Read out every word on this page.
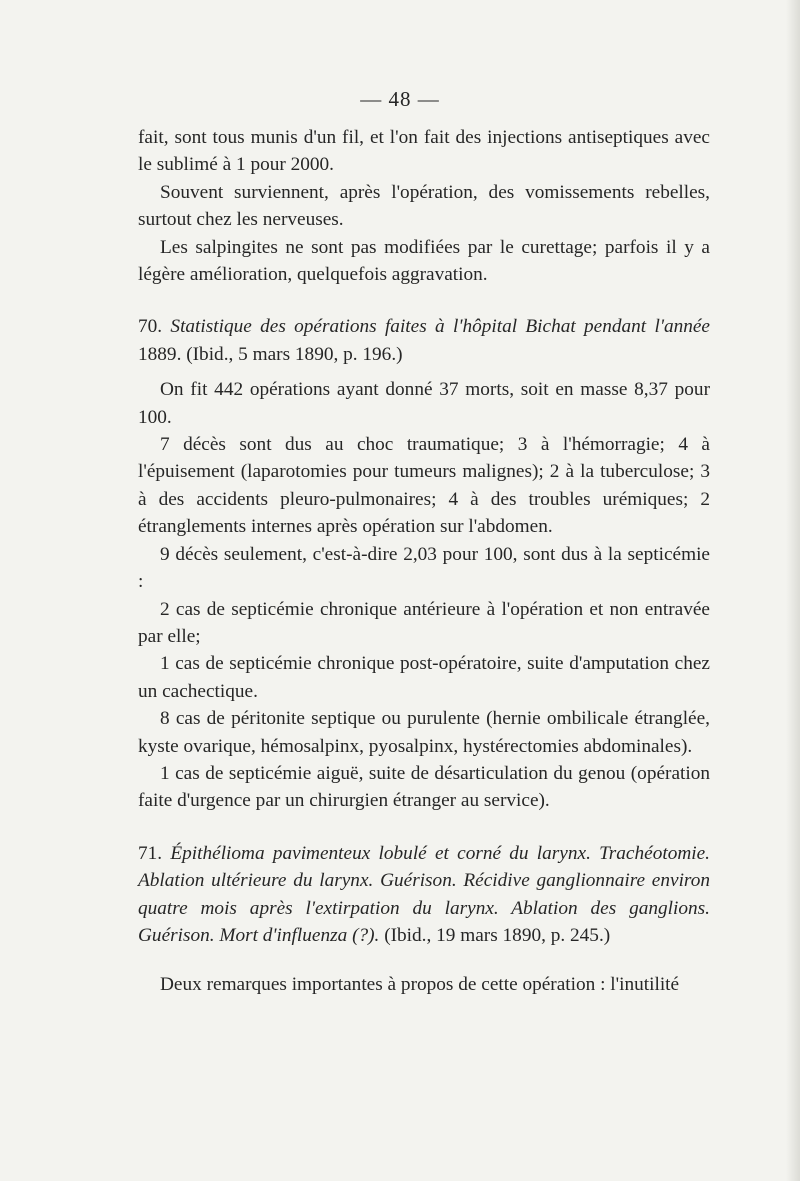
— 48 —

fait, sont tous munis d'un fil, et l'on fait des injections antiseptiques avec le sublimé à 1 pour 2000.

Souvent surviennent, après l'opération, des vomissements rebelles, surtout chez les nerveuses.

Les salpingites ne sont pas modifiées par le curettage; parfois il y a légère amélioration, quelquefois aggravation.

70. Statistique des opérations faites à l'hôpital Bichat pendant l'année 1889. (Ibid., 5 mars 1890, p. 196.)

On fit 442 opérations ayant donné 37 morts, soit en masse 8,37 pour 100.

7 décès sont dus au choc traumatique; 3 à l'hémorragie; 4 à l'épuisement (laparotomies pour tumeurs malignes); 2 à la tuberculose; 3 à des accidents pleuro-pulmonaires; 4 à des troubles urémiques; 2 étranglements internes après opération sur l'abdomen.

9 décès seulement, c'est-à-dire 2,03 pour 100, sont dus à la septicémie :

2 cas de septicémie chronique antérieure à l'opération et non entravée par elle;

1 cas de septicémie chronique post-opératoire, suite d'amputation chez un cachectique.

8 cas de péritonite septique ou purulente (hernie ombilicale étranglée, kyste ovarique, hémosalpinx, pyosalpinx, hystérectomies abdominales).

1 cas de septicémie aiguë, suite de désarticulation du genou (opération faite d'urgence par un chirurgien étranger au service).

71. Épithélioma pavimenteux lobulé et corné du larynx. Trachéotomie. Ablation ultérieure du larynx. Guérison. Récidive ganglionnaire environ quatre mois après l'extirpation du larynx. Ablation des ganglions. Guérison. Mort d'influenza (?). (Ibid., 19 mars 1890, p. 245.)

Deux remarques importantes à propos de cette opération : l'inutilité
